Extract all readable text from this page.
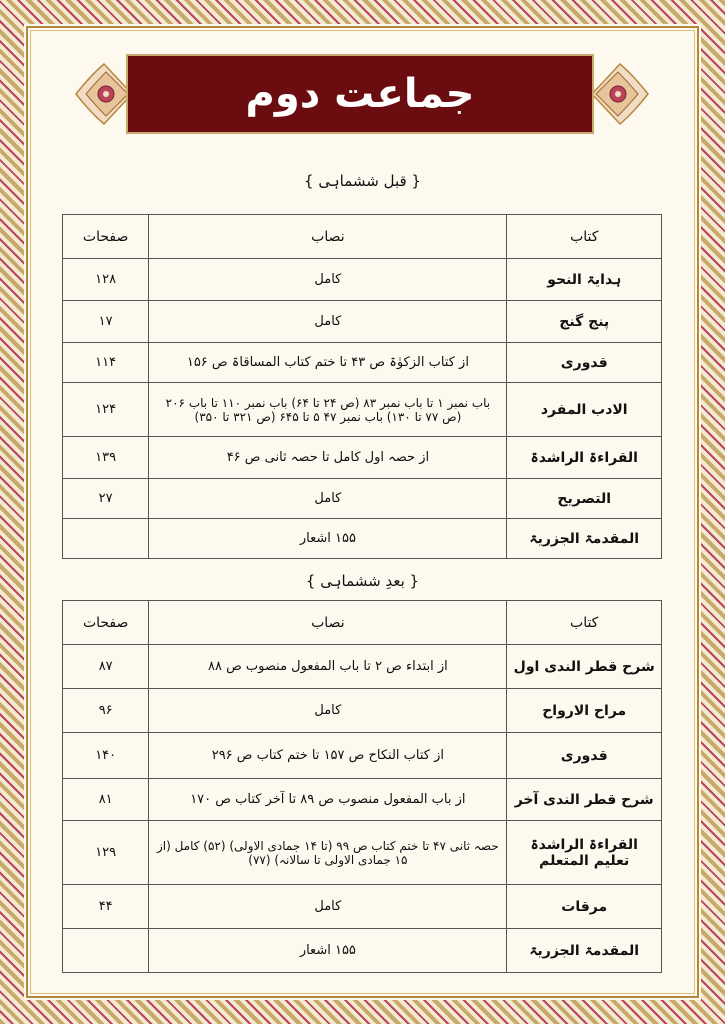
جماعت دوم
{ قبل ششماہی }
کتاب	نصاب	صفحات
ہدایۃ النحو	کامل	۱۲۸
پنج گنج	کامل	۱۷
قدوری	از کتاب الزکوٰۃ ص ۴۳ تا ختم کتاب المساقاۃ ص ۱۵۶	۱۱۴
الادب المفرد	باب نمبر ۱ تا باب نمبر ۸۳ (ص ۲۴ تا ۶۴) باب نمبر ۱۱۰ تا باب ۲۰۶ (ص ۷۷ تا ۱۳۰) باب نمبر ۴۷ ۵ تا ۶۴۵ (ص ۳۲۱ تا ۳۵۰)	۱۲۴
القراءۃ الراشدۃ	از حصہ اول کامل تا حصہ ثانی ص ۴۶	۱۳۹
التصریح	کامل	۲۷
المقدمۃ الجزریۃ	۱۵۵ اشعار	
{ بعدِ ششماہی }
کتاب	نصاب	صفحات
شرح قطر الندی اول	از ابتداء ص ۲ تا باب المفعول منصوب ص ۸۸	۸۷
مراح الارواح	کامل	۹۶
قدوری	از کتاب النکاح ص ۱۵۷ تا ختم کتاب ص ۲۹۶	۱۴۰
شرح قطر الندی آخر	از باب المفعول منصوب ص ۸۹ تا آخر کتاب ص ۱۷۰	۸۱
القراءۃ الراشدۃ تعلیم المتعلم	حصہ ثانی ۴۷ تا ختم کتاب ص ۹۹ (تا ۱۴ جمادی الاولی) (۵۲) کامل (از ۱۵ جمادی الاولی تا سالانہ) (۷۷)	۱۲۹
مرقات	کامل	۴۴
المقدمۃ الجزریۃ	۱۵۵ اشعار	
